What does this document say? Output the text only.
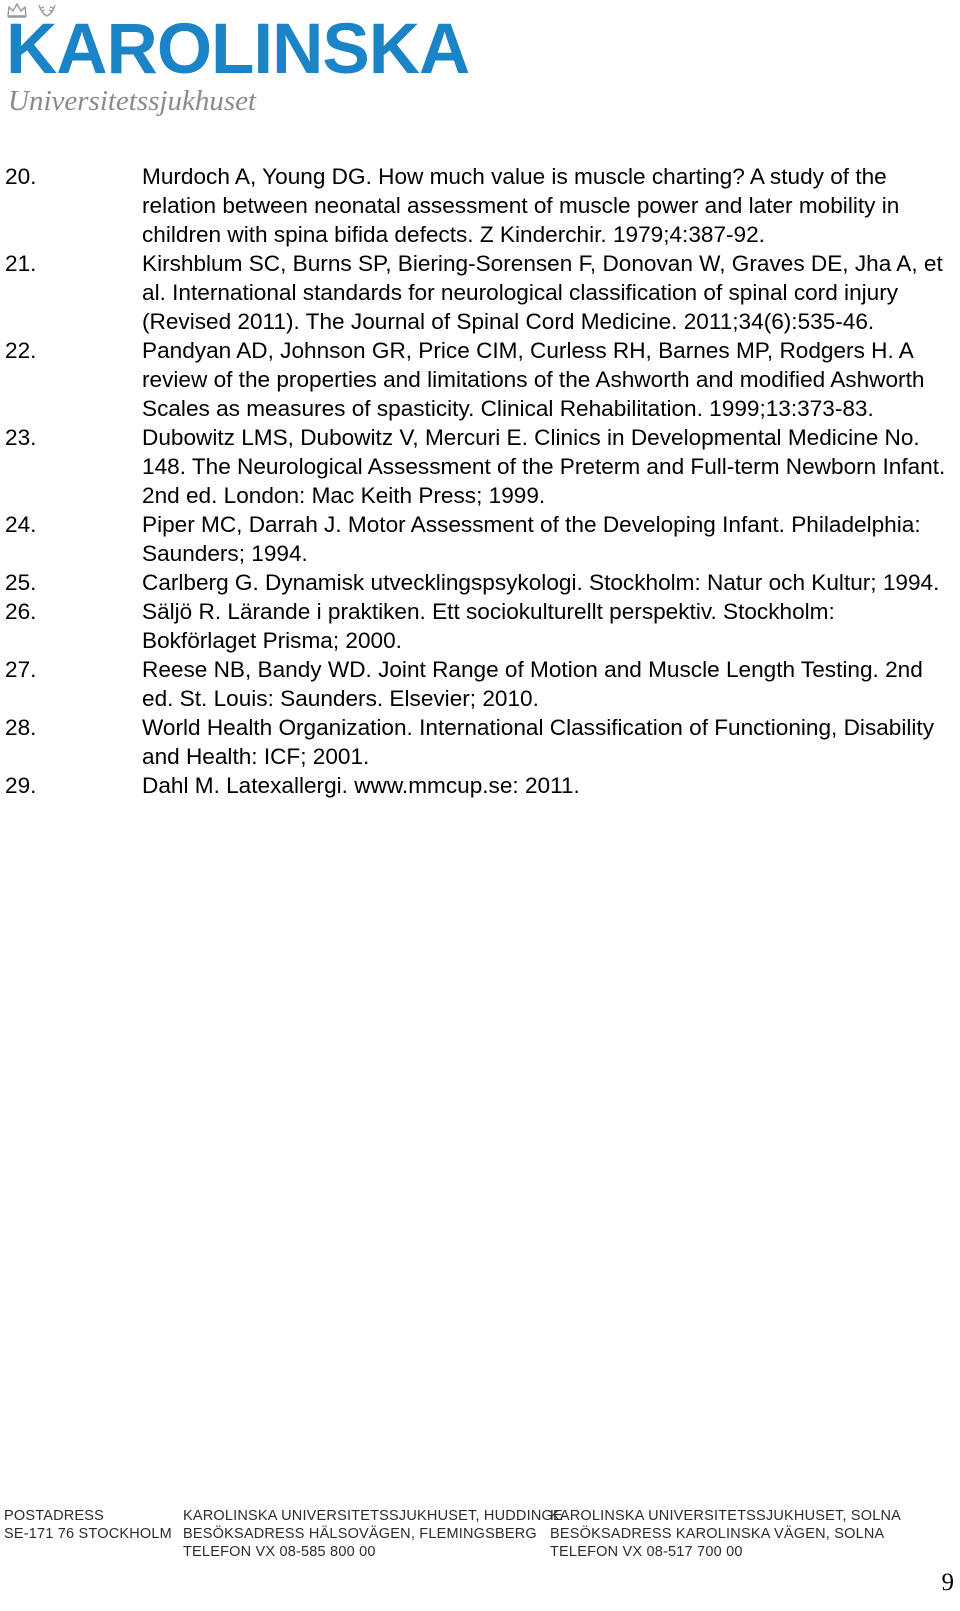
KAROLINSKA
Universitetssjukhuset
20.	Murdoch A, Young DG. How much value is muscle charting? A study of the relation between neonatal assessment of muscle power and later mobility in children with spina bifida defects. Z Kinderchir. 1979;4:387-92.
21.	Kirshblum SC, Burns SP, Biering-Sorensen F, Donovan W, Graves DE, Jha A, et al. International standards for neurological classification of spinal cord injury (Revised 2011). The Journal of Spinal Cord Medicine. 2011;34(6):535-46.
22.	Pandyan AD, Johnson GR, Price CIM, Curless RH, Barnes MP, Rodgers H. A review of the properties and limitations of the Ashworth and modified Ashworth Scales as measures of spasticity. Clinical Rehabilitation. 1999;13:373-83.
23.	Dubowitz LMS, Dubowitz V, Mercuri E. Clinics in Developmental Medicine No. 148. The Neurological Assessment of the Preterm and Full-term Newborn Infant. 2nd ed. London: Mac Keith Press; 1999.
24.	Piper MC, Darrah J. Motor Assessment of the Developing Infant. Philadelphia: Saunders; 1994.
25.	Carlberg G. Dynamisk utvecklingspsykologi. Stockholm: Natur och Kultur; 1994.
26.	Säljö R. Lärande i praktiken. Ett sociokulturellt perspektiv. Stockholm: Bokförlaget Prisma; 2000.
27.	Reese NB, Bandy WD. Joint Range of Motion and Muscle Length Testing. 2nd ed. St. Louis: Saunders. Elsevier; 2010.
28.	World Health Organization. International Classification of Functioning, Disability and Health: ICF; 2001.
29.	Dahl M. Latexallergi. www.mmcup.se: 2011.
POSTADRESS
SE-171 76 STOCKHOLM
KAROLINSKA UNIVERSITETSSJUKHUSET, HUDDINGE
BESÖKSADRESS HÄLSOVÄGEN, FLEMINGSBERG
TELEFON VX 08-585 800 00
KAROLINSKA UNIVERSITETSSJUKHUSET, SOLNA
BESÖKSADRESS KAROLINSKA VÄGEN, SOLNA
TELEFON VX 08-517 700 00
9
